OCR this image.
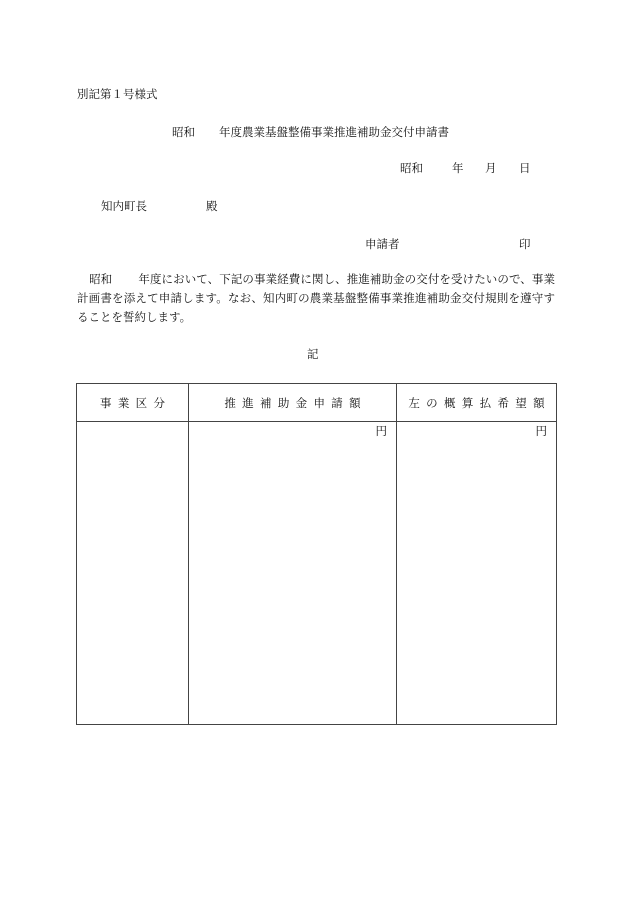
別記第１号様式
昭和 年度農業基盤整備事業推進補助金交付申請書
昭和	年 月 日
知内町長	殿
申請者	印
昭和 年度において、下記の事業経費に関し、推進補助金の交付を受けたいので、事業計画書を添えて申請します。なお、知内町の農業基盤整備事業推進補助金交付規則を遵守することを誓約します。
記
事業区分	推進補助金申請額	左の概算払希望額

	円	円
